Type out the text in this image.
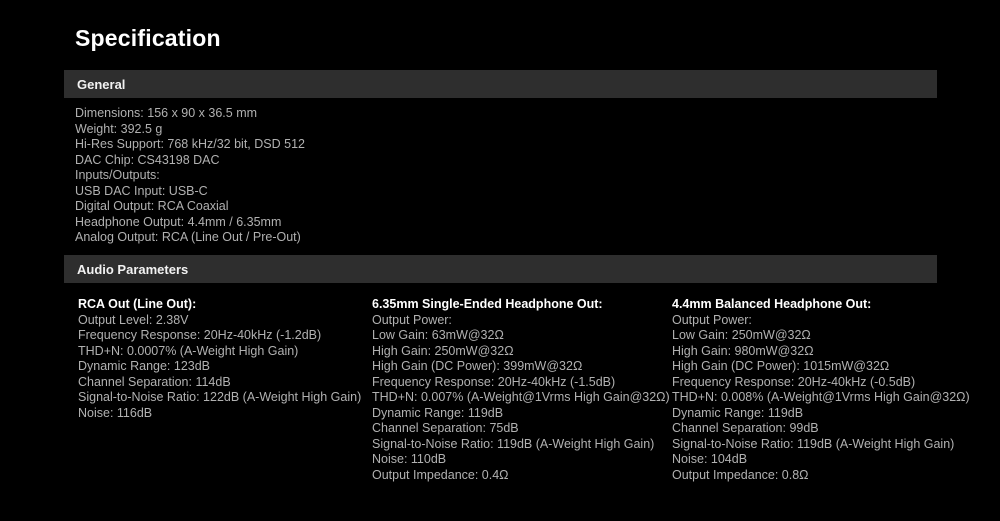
Specification
General
Dimensions: 156 x 90 x 36.5 mm
Weight: 392.5 g
Hi-Res Support: 768 kHz/32 bit, DSD 512
DAC Chip: CS43198 DAC
Inputs/Outputs:
USB DAC Input: USB-C
Digital Output: RCA Coaxial
Headphone Output: 4.4mm / 6.35mm
Analog Output: RCA (Line Out / Pre-Out)
Audio Parameters
RCA Out (Line Out):
Output Level: 2.38V
Frequency Response: 20Hz-40kHz (-1.2dB)
THD+N: 0.0007% (A-Weight High Gain)
Dynamic Range: 123dB
Channel Separation: 114dB
Signal-to-Noise Ratio: 122dB (A-Weight High Gain)
Noise: 116dB
6.35mm Single-Ended Headphone Out:
Output Power:
Low Gain: 63mW@32Ω
High Gain: 250mW@32Ω
High Gain (DC Power): 399mW@32Ω
Frequency Response: 20Hz-40kHz (-1.5dB)
THD+N: 0.007% (A-Weight@1Vrms High Gain@32Ω)
Dynamic Range: 119dB
Channel Separation: 75dB
Signal-to-Noise Ratio: 119dB (A-Weight High Gain)
Noise: 110dB
Output Impedance: 0.4Ω
4.4mm Balanced Headphone Out:
Output Power:
Low Gain: 250mW@32Ω
High Gain: 980mW@32Ω
High Gain (DC Power): 1015mW@32Ω
Frequency Response: 20Hz-40kHz (-0.5dB)
THD+N: 0.008% (A-Weight@1Vrms High Gain@32Ω)
Dynamic Range: 119dB
Channel Separation: 99dB
Signal-to-Noise Ratio: 119dB (A-Weight High Gain)
Noise: 104dB
Output Impedance: 0.8Ω
